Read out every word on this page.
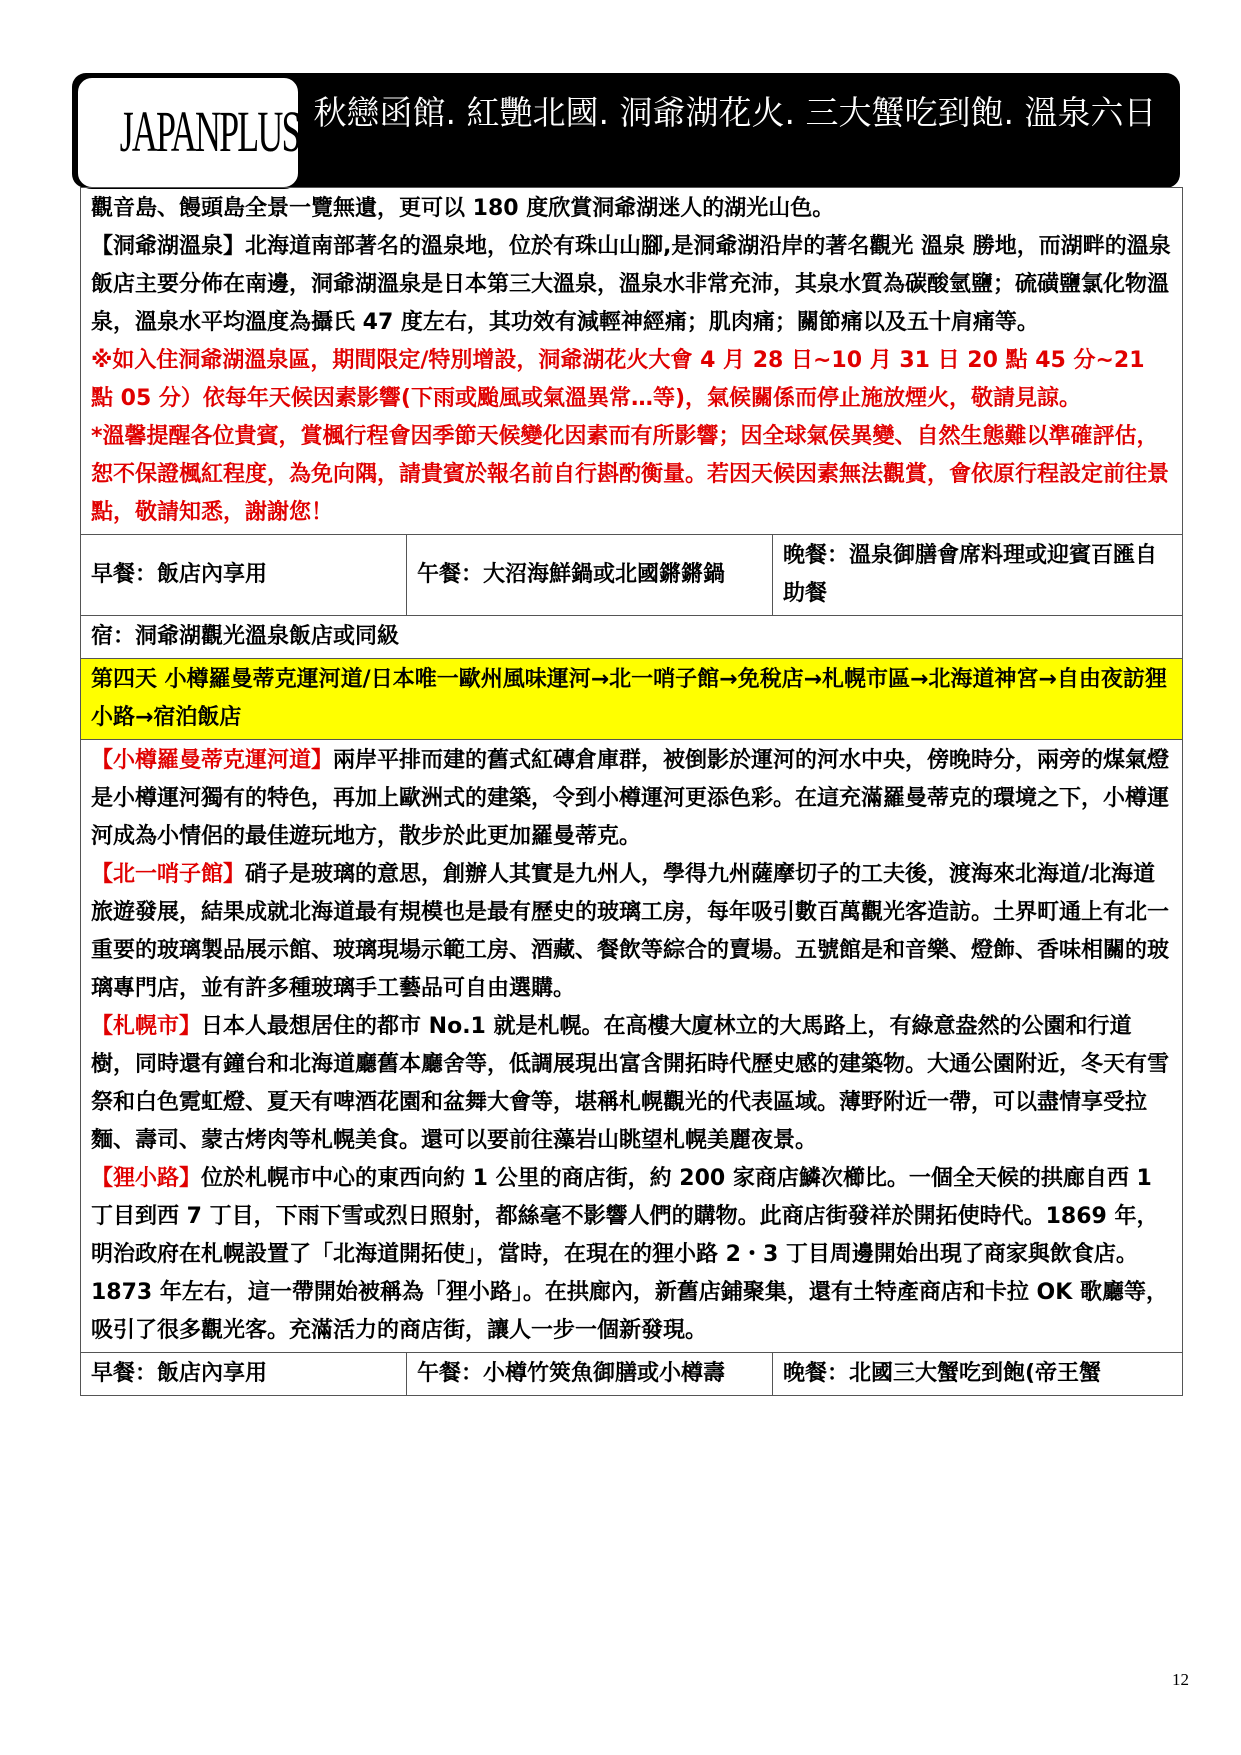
JAPANPLUS 秋戀函館. 紅艷北國. 洞爺湖花火. 三大蟹吃到飽. 溫泉六日
觀音島、饅頭島全景一覽無遺，更可以 180 度欣賞洞爺湖迷人的湖光山色。
【洞爺湖溫泉】北海道南部著名的溫泉地，位於有珠山山腳,是洞爺湖沿岸的著名觀光 溫泉 勝地，而湖畔的溫泉飯店主要分佈在南邊，洞爺湖溫泉是日本第三大溫泉，溫泉水非常充沛，其泉水質為碳酸氫鹽；硫磺鹽氯化物溫泉，溫泉水平均溫度為攝氏 47 度左右，其功效有減輕神經痛；肌肉痛；關節痛以及五十肩痛等。
※如入住洞爺湖溫泉區，期間限定/特別增設，洞爺湖花火大會 4 月 28 日~10 月 31 日 20 點 45 分~21 點 05 分）依每年天候因素影響(下雨或颱風或氣溫異常…等)，氣候關係而停止施放煙火，敬請見諒。
*溫馨提醒各位貴賓，賞楓行程會因季節天候變化因素而有所影響；因全球氣侯異變、自然生態難以準確評估，恕不保證楓紅程度，為免向隅，請貴賓於報名前自行斟酌衡量。若因天候因素無法觀賞，會依原行程設定前往景點，敬請知悉，謝謝您！		

早餐：飯店內享用	午餐：大沼海鮮鍋或北國鏘鏘鍋	晚餐：溫泉御膳會席料理或迎賓百匯自助餐
宿：洞爺湖觀光溫泉飯店或同級		
第四天 小樽羅曼蒂克運河道/日本唯一歐州風味運河→北一哨子館→免稅店→札幌市區→北海道神宮→自由夜訪狸小路→宿泊飯店		

【小樽羅曼蒂克運河道】兩岸平排而建的舊式紅磚倉庫群，被倒影於運河的河水中央，傍晚時分，兩旁的煤氣燈是小樽運河獨有的特色，再加上歐洲式的建築，令到小樽運河更添色彩。在這充滿羅曼蒂克的環境之下，小樽運河成為小情侶的最佳遊玩地方，散步於此更加羅曼蒂克。
【北一哨子館】硝子是玻璃的意思，創辦人其實是九州人，學得九州薩摩切子的工夫後，渡海來北海道/北海道旅遊發展，結果成就北海道最有規模也是最有歷史的玻璃工房，每年吸引數百萬觀光客造訪。土界町通上有北一重要的玻璃製品展示館、玻璃現場示範工房、酒藏、餐飲等綜合的賣場。五號館是和音樂、燈飾、香味相關的玻璃專門店，並有許多種玻璃手工藝品可自由選購。
【札幌市】日本人最想居住的都市 No.1 就是札幌。在高樓大廈林立的大馬路上，有綠意盎然的公園和行道樹，同時還有鐘台和北海道廳舊本廳舍等，低調展現出富含開拓時代歷史感的建築物。大通公園附近，冬天有雪祭和白色霓虹燈、夏天有啤酒花園和盆舞大會等，堪稱札幌觀光的代表區域。薄野附近一帶，可以盡情享受拉麵、壽司、蒙古烤肉等札幌美食。還可以要前往藻岩山眺望札幌美麗夜景。
【狸小路】位於札幌市中心的東西向約 1 公里的商店街，約 200 家商店鱗次櫛比。一個全天候的拱廊自西 1 丁目到西 7 丁目，下雨下雪或烈日照射，都絲毫不影響人們的購物。此商店街發祥於開拓使時代。1869 年，明治政府在札幌設置了「北海道開拓使」，當時，在現在的狸小路 2・3 丁目周邊開始出現了商家與飲食店。1873 年左右，這一帶開始被稱為「狸小路」。在拱廊內，新舊店鋪聚集，還有土特產商店和卡拉 OK 歌廳等，吸引了很多觀光客。充滿活力的商店街，讓人一步一個新發現。		

早餐：飯店內享用	午餐：小樽竹筴魚御膳或小樽壽	晚餐：北國三大蟹吃到飽(帝王蟹
12
